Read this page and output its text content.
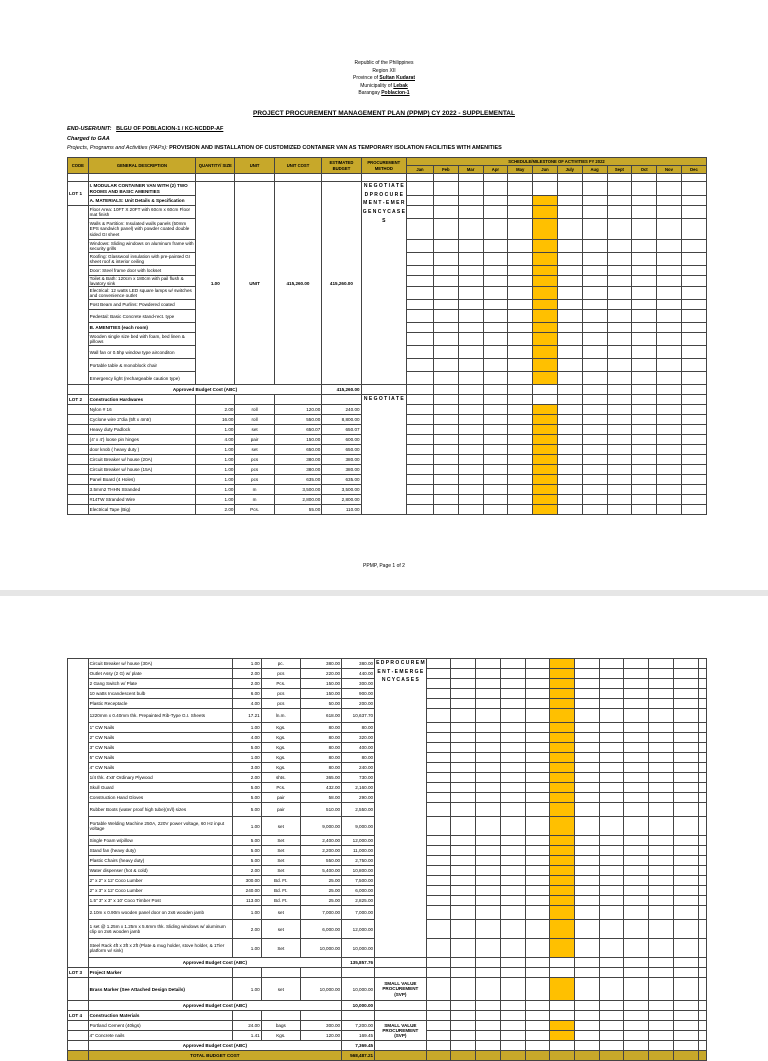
Republic of the Philippines
Region XII
Province of Sultan Kudarat
Municipality of Lebak
Barangay Poblacion-1
PROJECT PROCUREMENT MANAGEMENT PLAN (PPMP) CY 2022 - SUPPLEMENTAL
END-USER/UNIT: BLGU OF POBLACION-1 / KC-NCDDP-AF
Charged to GAA
Projects, Programs and Activities (PAPs): PROVISION AND INSTALLATION OF CUSTOMIZED CONTAINER VAN AS TEMPORARY ISOLATION FACILITIES WITH AMENITIES
CODE	GENERAL DESCRIPTION	QUANTITY/ SIZE	UNIT	UNIT COST	ESTIMATED BUDGET	PROCUREMENT METHOD	SCHEDULE/MILESTONE OF ACTIVITIES FY 2022											
							Jan	Feb	Mar	Apr	May	Jun	July	Aug	Sept	Oct	Nov	Dec

LOT 1	I. MODULAR CONTAINER VAN WITH (2) TWO ROOMS AND BASIC AMENITIES	1.00	UNIT	415,260.00	415,260.00	N E G O T I A T E D P R O C U R E M E N T - E M E R G E N C Y C A S E S												
	A. MATERIALS: Unit Details & Specification																	
	Floor Area: 10FT X 20FT with 60cm x 60cm Floor mat finish																	
	Walls & Partition: Insulated walls panels (50mm EPS sandwich panel) with powder coated double sided GI sheet																	
	Windows: Sliding windows on aluminum frame with security grills																	
	Roofing: Glasswool insulation with pre-painted GI sheet roof & interior ceiling																	
	Door: Steel frame door with lockset																	
	Toilet & Bath: 120cm x 180cm with pail flush & lavatory sink																	
	Electrical: 12 watts LED square lamps w/ switches and convenience outlet																	
	Post Beam and Purlins: Powdered coated																	
	Pedestal: Basic Concrete stand-rect. type																	
	B. AMENITIES (each room)																	
	Wooden single size bed with foam, bed linen & pillows																	
	Wall fan or 0.5hp window type airconditon																	
	Portable table & monoblock chair																	
	Emergency light (rechargeable caution type)																	
	Approved Budget Cost (ABC)				415,260.00													
LOT 2	Construction Hardwares					N E G O T I A T E												
	Nylon # 16	2.00	roll	120.00	240.00													
	Cyclone wire 2"dia (5ft x 4mtr)	16.00	roll	550.00	8,800.00													
	Heavy duty Padlock	1.00	set	650.07	650.07													
	(4' x 4') loose pin hinges	4.00	pair	150.00	600.00													
	door knob ( heavy duty )	1.00	set	650.00	650.00													
	Circuit Breaker w/ house (20A)	1.00	pcs	380.00	380.00													
	Circuit Breaker w/ house (15A)	1.00	pcs	380.00	380.00													
	Panel Board (4 Holes)	1.00	pcs	635.00	635.00													
	3.5mm2 THHN Stranded	1.00	m	3,500.00	3,500.00													
	#14TW Stranded Wire	1.00	m	2,800.00	2,800.00													
	Electrical Tape (Big)	2.00	Pcs.	55.00	110.00													
PPMP, Page 1 of 2
	Circuit Breaker w/ house (30A)	1.00	pc.	380.00	380.00	E D P R O C U R E M E N T - E M E R G E N C Y C A S E S												
	Outlet Assy (2 G) w/ plate	2.00	pcs	220.00	440.00													
	2 Gang Switch w/ Plate	2.00	Pcs.	150.00	300.00													
	10 watts Incandescent bulb	6.00	pcs	150.00	900.00													
	Plastic Receptacle	4.00	pcs	50.00	200.00													
	1220mm x 0.40mm thk. Prepainted Rib-Type G.I. Sheets	17.21	ln.m.	618.00	10,637.70													
	1" CW Nails	1.00	Kgs.	80.00	80.00													
	2" CW Nails	4.00	Kgs.	80.00	320.00													
	3" CW Nails	5.00	Kgs.	80.00	400.00													
	5" CW Nails	1.00	Kgs.	80.00	80.00													
	4" CW Nails	3.00	Kgs.	80.00	240.00													
	1/4 thk. 4'x8' Ordinary Plywood	2.00	shts.	365.00	730.00													
	Skull Guard	5.00	Pcs.	432.00	2,160.00													
	Construction Hand Gloves	5.00	pair	58.00	290.00													
	Rubber Boots (water proof high tube)(m/l) sizes	5.00	pair	510.00	2,550.00													
	Portable Welding Machine 250A, 220V power voltage, 60 Hz input voltage	1.00	set	9,000.00	9,000.00													
	Single Foam w/pillow	5.00	Set	2,400.00	12,000.00													
	Stand fan (heavy duty)	5.00	Set	2,200.00	11,000.00													
	Plastic Chairs (heavy duty)	5.00	Set	550.00	2,750.00													
	Water dispenser (hot & cold)	2.00	Set	5,400.00	10,800.00													
	2" x 2" x 12' Coco Lumber	300.00	Bd. Ft.	25.00	7,500.00													
	2" x 3" x 12' Coco Lumber	240.00	Bd. Ft.	25.00	6,000.00													
	1.5" 3" x 3" x 10' Coco Timber Post	113.00	Bd. Ft.	25.00	2,825.00													
	2.10m x 0.90m wooden panel door on 2x6 wooden jamb	1.00	set	7,000.00	7,000.00													
	1 set @ 1.25m x 1.25m x 5.6mm thk. Sliding windows w/ aluminum clip on 2x6 wooden jamb	2.00	set	6,000.00	12,000.00													
	Steel Rack 4ft x 3ft x 2ft (Plate & mug holder, stove holder, & 1Tier platform w/ sink)	1.00	Set	10,000.00	10,000.00													
	Approved Budget Cost (ABC)				135,857.76													
LOT 3	Project Marker																	
	Brass Marker (See Attached Design Details)	1.00	set	10,000.00	10,000.00	SMALL VALUE PROCUREMENT (SVP)												
	Approved Budget Cost (ABC)				10,000.00													
LOT 4	Construction Materials																	
	Portland Cement (40kgs)	24.00	bags	300.00	7,200.00	SMALL VALUE PROCUREMENT (SVP)												
	4" Concrete nails	1.41	Kgs.	120.00	169.45													
	Approved Budget Cost (ABC)				7,369.45													
	TOTAL BUDGET COST				568,487.21													
